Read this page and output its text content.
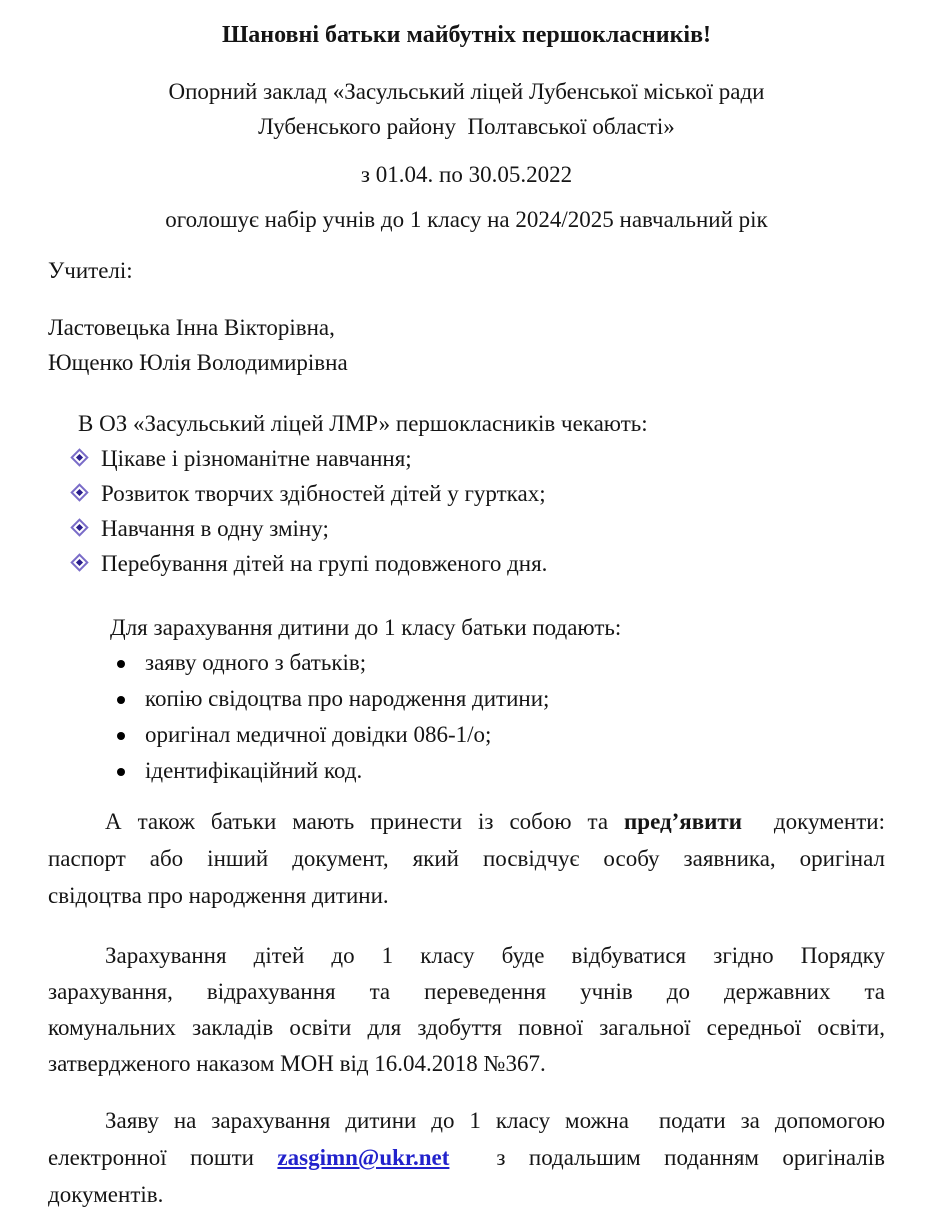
Шановні батьки майбутніх першокласників!
Опорний заклад «Засульський ліцей Лубенської міської ради
Лубенського району  Полтавської області»
з 01.04. по 30.05.2022
оголошує набір учнів до 1 класу на 2024/2025 навчальний рік
Учителі:
Ластовецька Інна Вікторівна,
Ющенко Юлія Володимирівна
В ОЗ «Засульський ліцей ЛМР» першокласників чекають:
Цікаве і різноманітне навчання;
Розвиток творчих здібностей дітей у гуртках;
Навчання в одну зміну;
Перебування дітей на групі подовженого дня.
Для зарахування дитини до 1 класу батьки подають:
заяву одного з батьків;
копію свідоцтва про народження дитини;
оригінал медичної довідки 086-1/о;
ідентифікаційний код.
А також батьки мають принести із собою та пред’явити  документи:
паспорт або інший документ, який посвідчує особу заявника, оригінал
свідоцтва про народження дитини.
Зарахування дітей до 1 класу буде відбуватися згідно Порядку
зарахування, відрахування та переведення учнів до державних та
комунальних закладів освіти для здобуття повної загальної середньої освіти,
затвердженого наказом МОН від 16.04.2018 №367.
Заяву на зарахування дитини до 1 класу можна  подати за допомогою
електронної пошти zasgimn@ukr.net  з подальшим поданням оригіналів
документів.
